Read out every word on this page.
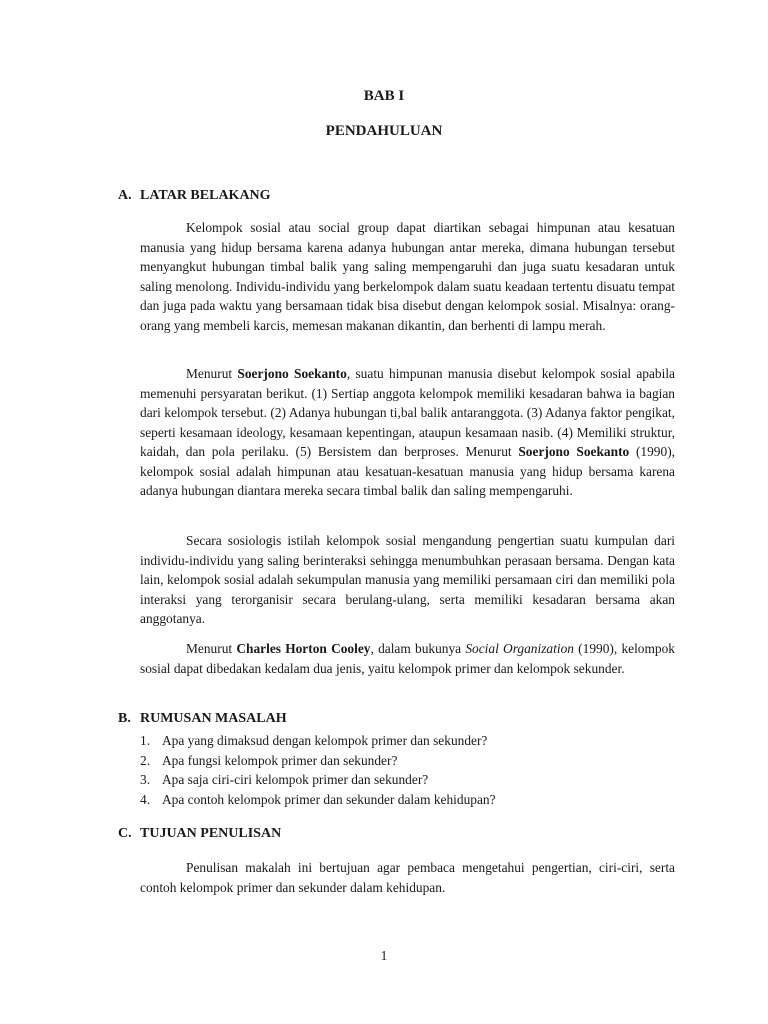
BAB I
PENDAHULUAN
A. LATAR BELAKANG

Kelompok sosial atau social group dapat diartikan sebagai himpunan atau kesatuan manusia yang hidup bersama karena adanya hubungan antar mereka, dimana hubungan tersebut menyangkut hubungan timbal balik yang saling mempengaruhi dan juga suatu kesadaran untuk saling menolong. Individu-individu yang berkelompok dalam suatu keadaan tertentu disuatu tempat dan juga pada waktu yang bersamaan tidak bisa disebut dengan kelompok sosial. Misalnya: orang-orang yang membeli karcis, memesan makanan dikantin, dan berhenti di lampu merah.

Menurut Soerjono Soekanto, suatu himpunan manusia disebut kelompok sosial apabila memenuhi persyaratan berikut. (1) Sertiap anggota kelompok memiliki kesadaran bahwa ia bagian dari kelompok tersebut. (2) Adanya hubungan ti,bal balik antaranggota. (3) Adanya faktor pengikat, seperti kesamaan ideology, kesamaan kepentingan, ataupun kesamaan nasib. (4) Memiliki struktur, kaidah, dan pola perilaku. (5) Bersistem dan berproses. Menurut Soerjono Soekanto (1990), kelompok sosial adalah himpunan atau kesatuan-kesatuan manusia yang hidup bersama karena adanya hubungan diantara mereka secara timbal balik dan saling mempengaruhi.

Secara sosiologis istilah kelompok sosial mengandung pengertian suatu kumpulan dari individu-individu yang saling berinteraksi sehingga menumbuhkan perasaan bersama. Dengan kata lain, kelompok sosial adalah sekumpulan manusia yang memiliki persamaan ciri dan memiliki pola interaksi yang terorganisir secara berulang-ulang, serta memiliki kesadaran bersama akan anggotanya.

Menurut Charles Horton Cooley, dalam bukunya Social Organization (1990), kelompok sosial dapat dibedakan kedalam dua jenis, yaitu kelompok primer dan kelompok sekunder.

B. RUMUSAN MASALAH
1. Apa yang dimaksud dengan kelompok primer dan sekunder?
2. Apa fungsi kelompok primer dan sekunder?
3. Apa saja ciri-ciri kelompok primer dan sekunder?
4. Apa contoh kelompok primer dan sekunder dalam kehidupan?
C. TUJUAN PENULISAN

Penulisan makalah ini bertujuan agar pembaca mengetahui pengertian, ciri-ciri, serta contoh kelompok primer dan sekunder dalam kehidupan.

1
